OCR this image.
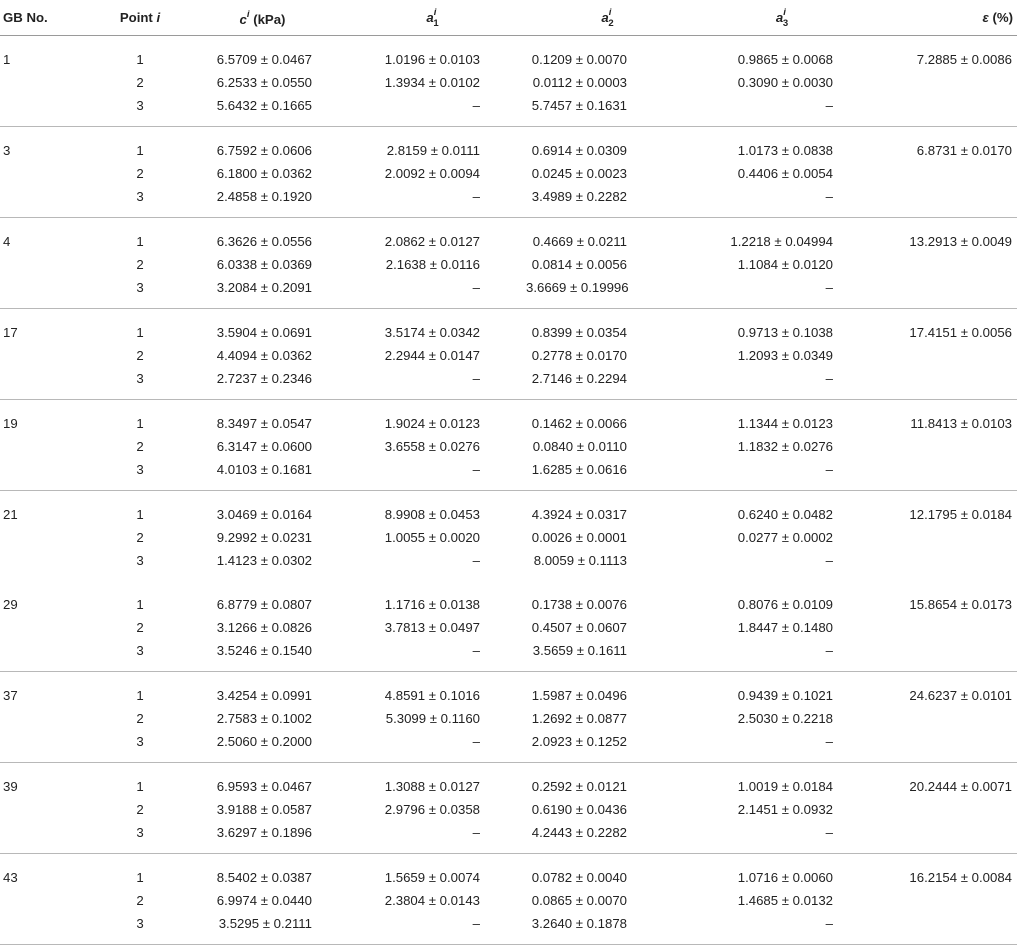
GB No.	Point i	$c^i$ (kPa)	$a^i_1$	$a^i_2$	$a^i_3$	ε (%)
1	1	6.5709 ± 0.0467	1.0196 ± 0.0103	0.1209 ± 0.0070	0.9865 ± 0.0068	7.2885 ± 0.0086
	2	6.2533 ± 0.0550	1.3934 ± 0.0102	0.0112 ± 0.0003	0.3090 ± 0.0030	
	3	5.6432 ± 0.1665	–	5.7457 ± 0.1631	–	
3	1	6.7592 ± 0.0606	2.8159 ± 0.0111	0.6914 ± 0.0309	1.0173 ± 0.0838	6.8731 ± 0.0170
	2	6.1800 ± 0.0362	2.0092 ± 0.0094	0.0245 ± 0.0023	0.4406 ± 0.0054	
	3	2.4858 ± 0.1920	–	3.4989 ± 0.2282	–	
4	1	6.3626 ± 0.0556	2.0862 ± 0.0127	0.4669 ± 0.0211	1.2218 ± 0.04994	13.2913 ± 0.0049
	2	6.0338 ± 0.0369	2.1638 ± 0.0116	0.0814 ± 0.0056	1.1084 ± 0.0120	
	3	3.2084 ± 0.2091	–	3.6669 ± 0.19996	–	
17	1	3.5904 ± 0.0691	3.5174 ± 0.0342	0.8399 ± 0.0354	0.9713 ± 0.1038	17.4151 ± 0.0056
	2	4.4094 ± 0.0362	2.2944 ± 0.0147	0.2778 ± 0.0170	1.2093 ± 0.0349	
	3	2.7237 ± 0.2346	–	2.7146 ± 0.2294	–	
19	1	8.3497 ± 0.0547	1.9024 ± 0.0123	0.1462 ± 0.0066	1.1344 ± 0.0123	11.8413 ± 0.0103
	2	6.3147 ± 0.0600	3.6558 ± 0.0276	0.0840 ± 0.0110	1.1832 ± 0.0276	
	3	4.0103 ± 0.1681	–	1.6285 ± 0.0616	–	
21	1	3.0469 ± 0.0164	8.9908 ± 0.0453	4.3924 ± 0.0317	0.6240 ± 0.0482	12.1795 ± 0.0184
	2	9.2992 ± 0.0231	1.0055 ± 0.0020	0.0026 ± 0.0001	0.0277 ± 0.0002	
	3	1.4123 ± 0.0302	–	8.0059 ± 0.1113	–	
29	1	6.8779 ± 0.0807	1.1716 ± 0.0138	0.1738 ± 0.0076	0.8076 ± 0.0109	15.8654 ± 0.0173
	2	3.1266 ± 0.0826	3.7813 ± 0.0497	0.4507 ± 0.0607	1.8447 ± 0.1480	
	3	3.5246 ± 0.1540	–	3.5659 ± 0.1611	–	
37	1	3.4254 ± 0.0991	4.8591 ± 0.1016	1.5987 ± 0.0496	0.9439 ± 0.1021	24.6237 ± 0.0101
	2	2.7583 ± 0.1002	5.3099 ± 0.1160	1.2692 ± 0.0877	2.5030 ± 0.2218	
	3	2.5060 ± 0.2000	–	2.0923 ± 0.1252	–	
39	1	6.9593 ± 0.0467	1.3088 ± 0.0127	0.2592 ± 0.0121	1.0019 ± 0.0184	20.2444 ± 0.0071
	2	3.9188 ± 0.0587	2.9796 ± 0.0358	0.6190 ± 0.0436	2.1451 ± 0.0932	
	3	3.6297 ± 0.1896	–	4.2443 ± 0.2282	–	
43	1	8.5402 ± 0.0387	1.5659 ± 0.0074	0.0782 ± 0.0040	1.0716 ± 0.0060	16.2154 ± 0.0084
	2	6.9974 ± 0.0440	2.3804 ± 0.0143	0.0865 ± 0.0070	1.4685 ± 0.0132	
	3	3.5295 ± 0.2111	–	3.2640 ± 0.1878	–	
